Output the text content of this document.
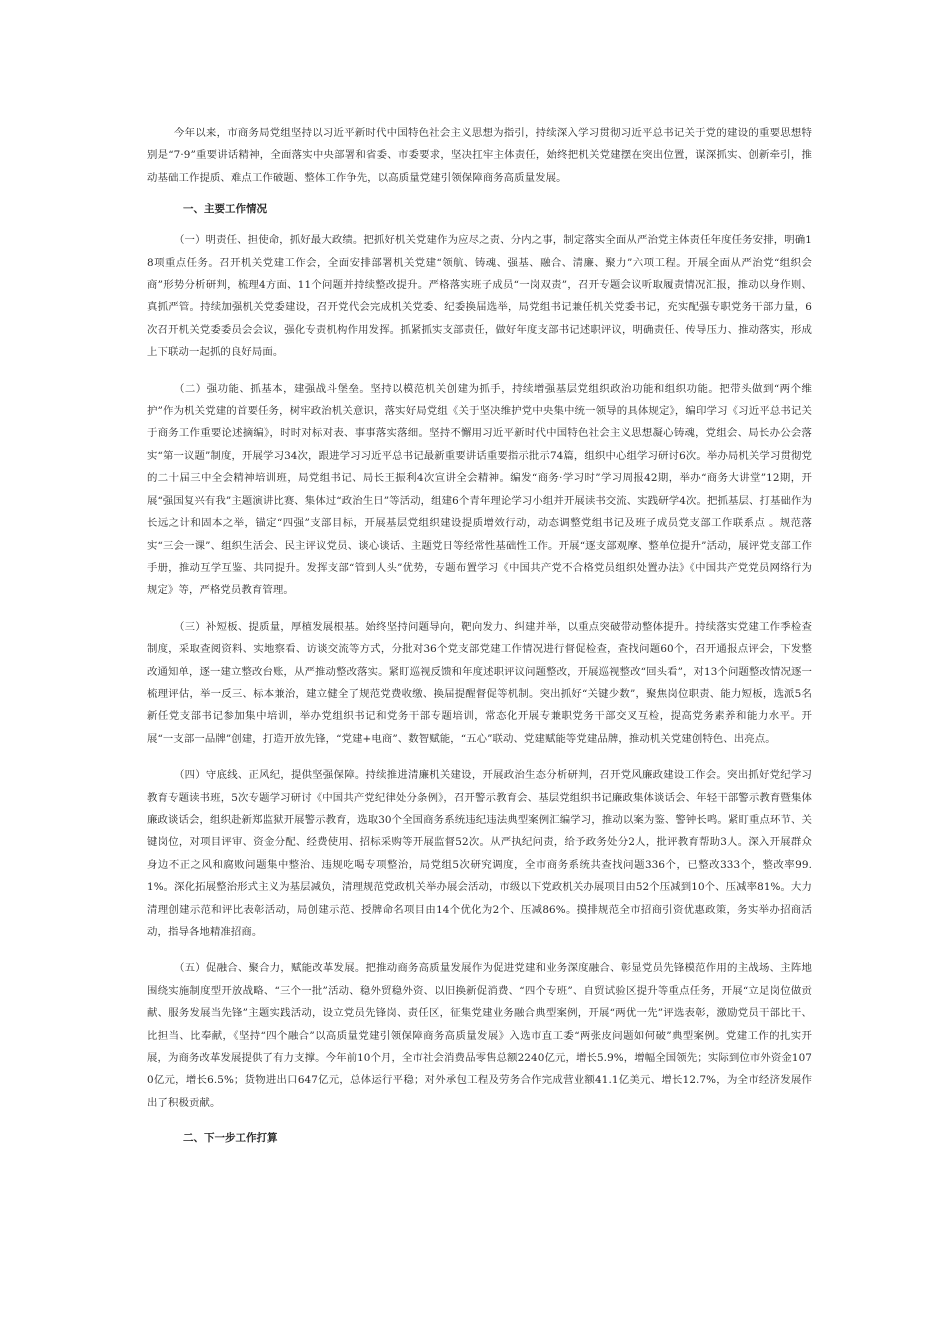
今年以来，市商务局党组坚持以习近平新时代中国特色社会主义思想为指引，持续深入学习贯彻习近平总书记关于党的建设的重要思想特别是“7·9”重要讲话精神，全面落实中央部署和省委、市委要求，坚决扛牢主体责任，始终把机关党建摆在突出位置，谋深抓实、创新牵引，推动基础工作提质、难点工作破题、整体工作争先，以高质量党建引领保障商务高质量发展。

一、主要工作情况

（一）明责任、担使命，抓好最大政绩。把抓好机关党建作为应尽之责、分内之事，制定落实全面从严治党主体责任年度任务安排，明确18项重点任务。召开机关党建工作会，全面安排部署机关党建“领航、铸魂、强基、融合、清廉、聚力”六项工程。开展全面从严治党“组织会商”形势分析研判，梳理4方面、11个问题并持续整改提升。严格落实班子成员“一岗双责”，召开专题会议听取履责情况汇报，推动以身作则、真抓严管。持续加强机关党委建设，召开党代会完成机关党委、纪委换届选举，局党组书记兼任机关党委书记，充实配强专职党务干部力量，6次召开机关党委委员会会议，强化专责机构作用发挥。抓紧抓实支部责任，做好年度支部书记述职评议，明确责任、传导压力、推动落实，形成上下联动一起抓的良好局面。

（二）强功能、抓基本，建强战斗堡垒。坚持以模范机关创建为抓手，持续增强基层党组织政治功能和组织功能。把带头做到“两个维护”作为机关党建的首要任务，树牢政治机关意识，落实好局党组《关于坚决维护党中央集中统一领导的具体规定》，编印学习《习近平总书记关于商务工作重要论述摘编》，时时对标对表、事事落实落细。坚持不懈用习近平新时代中国特色社会主义思想凝心铸魂，党组会、局长办公会落实“第一议题”制度，开展学习34次，跟进学习习近平总书记最新重要讲话重要指示批示74篇，组织中心组学习研讨6次。举办局机关学习贯彻党的二十届三中全会精神培训班，局党组书记、局长王振利4次宣讲全会精神。编发“商务·学习时”学习周报42期，举办“商务大讲堂”12期，开展“强国复兴有我”主题演讲比赛、集体过“政治生日”等活动，组建6个青年理论学习小组并开展读书交流、实践研学4次。把抓基层、打基础作为长远之计和固本之举，锚定“四强”支部目标，开展基层党组织建设提质增效行动，动态调整党组书记及班子成员党支部工作联系点 。规范落实“三会一课”、组织生活会、民主评议党员、谈心谈话、主题党日等经常性基础性工作。开展“逐支部观摩、整单位提升”活动，展评党支部工作手册，推动互学互鉴、共同提升。发挥支部“管到人头”优势，专题布置学习《中国共产党不合格党员组织处置办法》《中国共产党党员网络行为规定》等，严格党员教育管理。

（三）补短板、提质量，厚植发展根基。始终坚持问题导向，靶向发力、纠建并举，以重点突破带动整体提升。持续落实党建工作季检查制度，采取查阅资料、实地察看、访谈交流等方式，分批对36个党支部党建工作情况进行督促检查，查找问题60个，召开通报点评会，下发整改通知单，逐一建立整改台账，从严推动整改落实。紧盯巡视反馈和年度述职评议问题整改，开展巡视整改“回头看”，对13个问题整改情况逐一梳理评估，举一反三、标本兼治，建立健全了规范党费收缴、换届提醒督促等机制。突出抓好“关键少数”，聚焦岗位职责、能力短板，选派5名新任党支部书记参加集中培训，举办党组织书记和党务干部专题培训，常态化开展专兼职党务干部交叉互检，提高党务素养和能力水平。开展“一支部一品牌”创建，打造开放先锋，“党建+电商”、数智赋能，“五心”联动、党建赋能等党建品牌，推动机关党建创特色、出亮点。

（四）守底线、正风纪，提供坚强保障。持续推进清廉机关建设，开展政治生态分析研判，召开党风廉政建设工作会。突出抓好党纪学习教育专题读书班，5次专题学习研讨《中国共产党纪律处分条例》，召开警示教育会、基层党组织书记廉政集体谈话会、年轻干部警示教育暨集体廉政谈话会，组织赴新郑监狱开展警示教育，选取30个全国商务系统违纪违法典型案例汇编学习，推动以案为鉴、警钟长鸣。紧盯重点环节、关键岗位，对项目评审、资金分配、经费使用、招标采购等开展监督52次。从严执纪问责，给予政务处分2人，批评教育帮助3人。深入开展群众身边不正之风和腐败问题集中整治、违规吃喝专项整治，局党组5次研究调度，全市商务系统共查找问题336个，已整改333个，整改率99.1%。深化拓展整治形式主义为基层减负，清理规范党政机关举办展会活动，市级以下党政机关办展项目由52个压减到10个、压减率81%。大力清理创建示范和评比表彰活动，局创建示范、授牌命名项目由14个优化为2个、压减86%。摸排规范全市招商引资优惠政策，务实举办招商活动，指导各地精准招商。

（五）促融合、聚合力，赋能改革发展。把推动商务高质量发展作为促进党建和业务深度融合、彰显党员先锋模范作用的主战场、主阵地围绕实施制度型开放战略、“三个一批”活动、稳外贸稳外资、以旧换新促消费、“四个专班”、自贸试验区提升等重点任务，开展“立足岗位做贡献、服务发展当先锋”主题实践活动，设立党员先锋岗、责任区，征集党建业务融合典型案例，开展“两优一先”评选表彰，激励党员干部比干、比担当、比奉献，《坚持“四个融合”以高质量党建引领保障商务高质量发展》入选市直工委“两张皮问题如何破”典型案例。党建工作的扎实开展，为商务改革发展提供了有力支撑。今年前10个月，全市社会消费品零售总额2240亿元，增长5.9%，增幅全国领先；实际到位市外资金1070亿元，增长6.5%；货物进出口647亿元，总体运行平稳；对外承包工程及劳务合作完成营业额41.1亿美元、增长12.7%，为全市经济发展作出了积极贡献。

二、下一步工作打算
